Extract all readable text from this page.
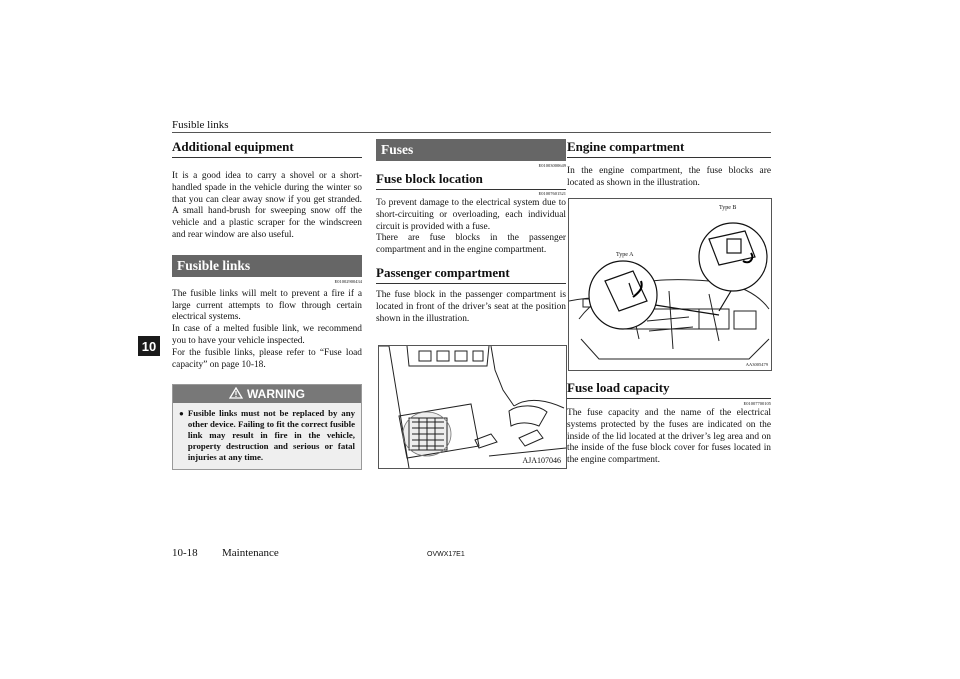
Fusible links
10
Additional equipment

It is a good idea to carry a shovel or a short-handled spade in the vehicle during the winter so that you can clear away snow if you get stranded. A small hand-brush for sweeping snow off the vehicle and a plastic scraper for the windscreen and rear window are also useful.

Fusible links
E01002900434

The fusible links will melt to prevent a fire if a large current attempts to flow through certain electrical systems.

In case of a melted fusible link, we recommend you to have your vehicle inspected.

For the fusible links, please refer to “Fuse load capacity” on page 10-18.

WARNING
● Fusible links must not be replaced by any other device. Failing to fit the correct fusible link may result in fire in the vehicle, property destruction and serious or fatal injuries at any time.
Fuses
E01003000649
Fuse block location
E01007601521

To prevent damage to the electrical system due to short-circuiting or overloading, each individual circuit is provided with a fuse.

There are fuse blocks in the passenger compartment and in the engine compartment.

Passenger compartment

The fuse block in the passenger compartment is located in front of the driver’s seat at the position shown in the illustration.

AJA107046
Engine compartment

In the engine compartment, the fuse blocks are located as shown in the illustration.

Type A
Type B
AA3005479
Fuse load capacity
E01007700105

The fuse capacity and the name of the electrical systems protected by the fuses are indicated on the inside of the lid located at the driver’s leg area and on the inside of the fuse block cover for fuses located in the engine compartment.

10-18 Maintenance	OVWX17E1
